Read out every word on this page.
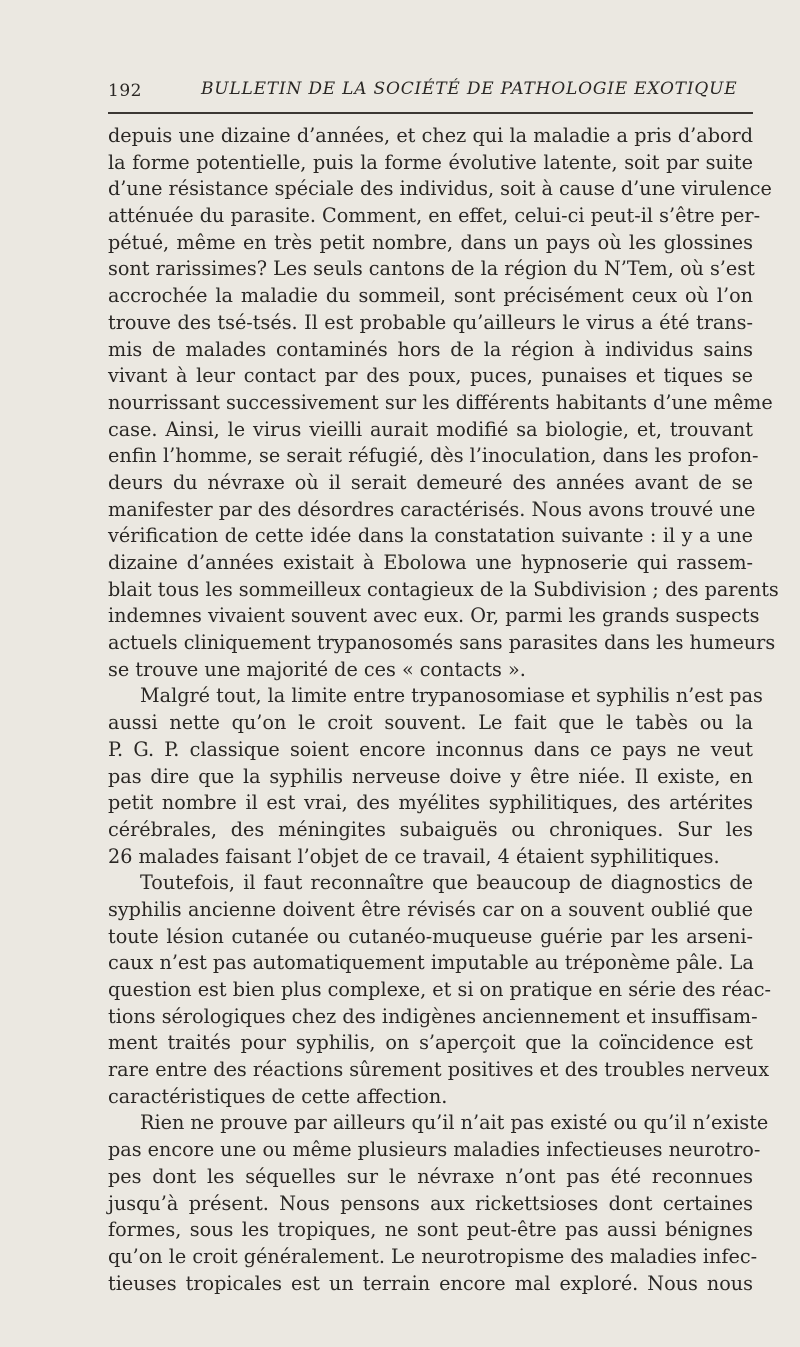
192	BULLETIN DE LA SOCIÉTÉ DE PATHOLOGIE EXOTIQUE
depuis une dizaine d’années, et chez qui la maladie a pris d’abord
la forme potentielle, puis la forme évolutive latente, soit par suite
d’une résistance spéciale des individus, soit à cause d’une virulence
atténuée du parasite. Comment, en effet, celui-ci peut-il s’être per-
pétué, même en très petit nombre, dans un pays où les glossines
sont rarissimes? Les seuls cantons de la région du N’Tem, où s’est
accrochée la maladie du sommeil, sont précisément ceux où l’on
trouve des tsé-tsés. Il est probable qu’ailleurs le virus a été trans-
mis de malades contaminés hors de la région à individus sains
vivant à leur contact par des poux, puces, punaises et tiques se
nourrissant successivement sur les différents habitants d’une même
case. Ainsi, le virus vieilli aurait modifié sa biologie, et, trouvant
enfin l’homme, se serait réfugié, dès l’inoculation, dans les profon-
deurs du névraxe où il serait demeuré des années avant de se
manifester par des désordres caractérisés. Nous avons trouvé une
vérification de cette idée dans la constatation suivante : il y a une
dizaine d’années existait à Ebolowa une hypnoserie qui rassem-
blait tous les sommeilleux contagieux de la Subdivision ; des parents
indemnes vivaient souvent avec eux. Or, parmi les grands suspects
actuels cliniquement trypanosomés sans parasites dans les humeurs
se trouve une majorité de ces « contacts ».
Malgré tout, la limite entre trypanosomiase et syphilis n’est pas
aussi nette qu’on le croit souvent. Le fait que le tabès ou la
P. G. P. classique soient encore inconnus dans ce pays ne veut
pas dire que la syphilis nerveuse doive y être niée. Il existe, en
petit nombre il est vrai, des myélites syphilitiques, des artérites
cérébrales, des méningites subaiguës ou chroniques. Sur les
26 malades faisant l’objet de ce travail, 4 étaient syphilitiques.
Toutefois, il faut reconnaître que beaucoup de diagnostics de
syphilis ancienne doivent être révisés car on a souvent oublié que
toute lésion cutanée ou cutanéo-muqueuse guérie par les arseni-
caux n’est pas automatiquement imputable au tréponème pâle. La
question est bien plus complexe, et si on pratique en série des réac-
tions sérologiques chez des indigènes anciennement et insuffisam-
ment traités pour syphilis, on s’aperçoit que la coïncidence est
rare entre des réactions sûrement positives et des troubles nerveux
caractéristiques de cette affection.
Rien ne prouve par ailleurs qu’il n’ait pas existé ou qu’il n’existe
pas encore une ou même plusieurs maladies infectieuses neurotro-
pes dont les séquelles sur le névraxe n’ont pas été reconnues
jusqu’à présent. Nous pensons aux rickettsioses dont certaines
formes, sous les tropiques, ne sont peut-être pas aussi bénignes
qu’on le croit généralement. Le neurotropisme des maladies infec-
tieuses tropicales est un terrain encore mal exploré. Nous nous
